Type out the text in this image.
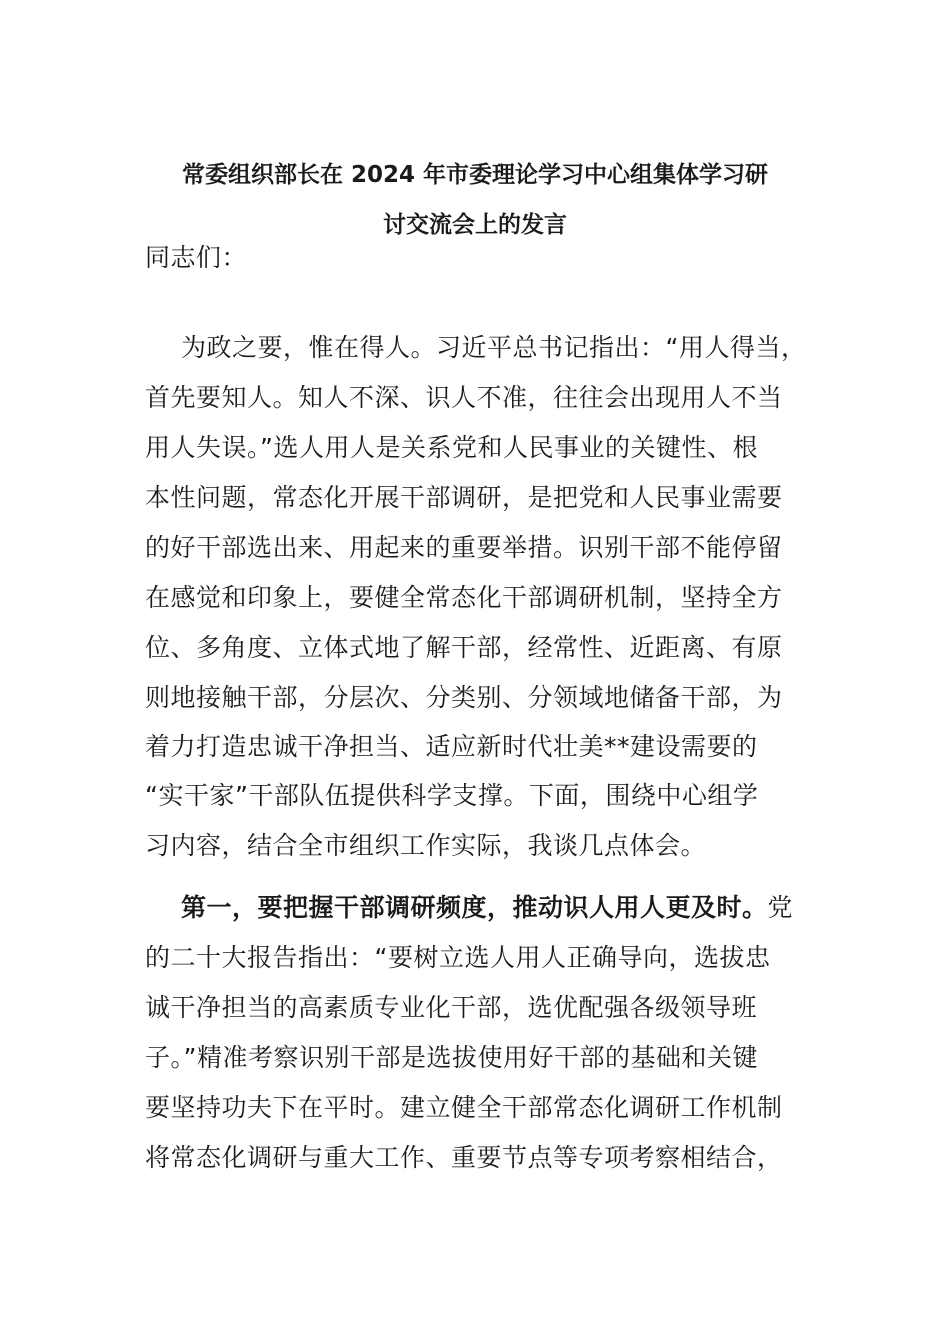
常委组织部长在 2024 年市委理论学习中心组集体学习研
讨交流会上的发言
同志们：
为政之要，惟在得人。习近平总书记指出：“用人得当，
首先要知人。知人不深、识人不准，往往会出现用人不当
用人失误。”选人用人是关系党和人民事业的关键性、根
本性问题，常态化开展干部调研，是把党和人民事业需要
的好干部选出来、用起来的重要举措。识别干部不能停留
在感觉和印象上，要健全常态化干部调研机制，坚持全方
位、多角度、立体式地了解干部，经常性、近距离、有原
则地接触干部，分层次、分类别、分领域地储备干部，为
着力打造忠诚干净担当、适应新时代壮美**建设需要的
“实干家”干部队伍提供科学支撑。下面，围绕中心组学
习内容，结合全市组织工作实际，我谈几点体会。
第一，要把握干部调研频度，推动识人用人更及时。党
的二十大报告指出：“要树立选人用人正确导向，选拔忠
诚干净担当的高素质专业化干部，选优配强各级领导班
子。”精准考察识别干部是选拔使用好干部的基础和关键
要坚持功夫下在平时。建立健全干部常态化调研工作机制
将常态化调研与重大工作、重要节点等专项考察相结合，
